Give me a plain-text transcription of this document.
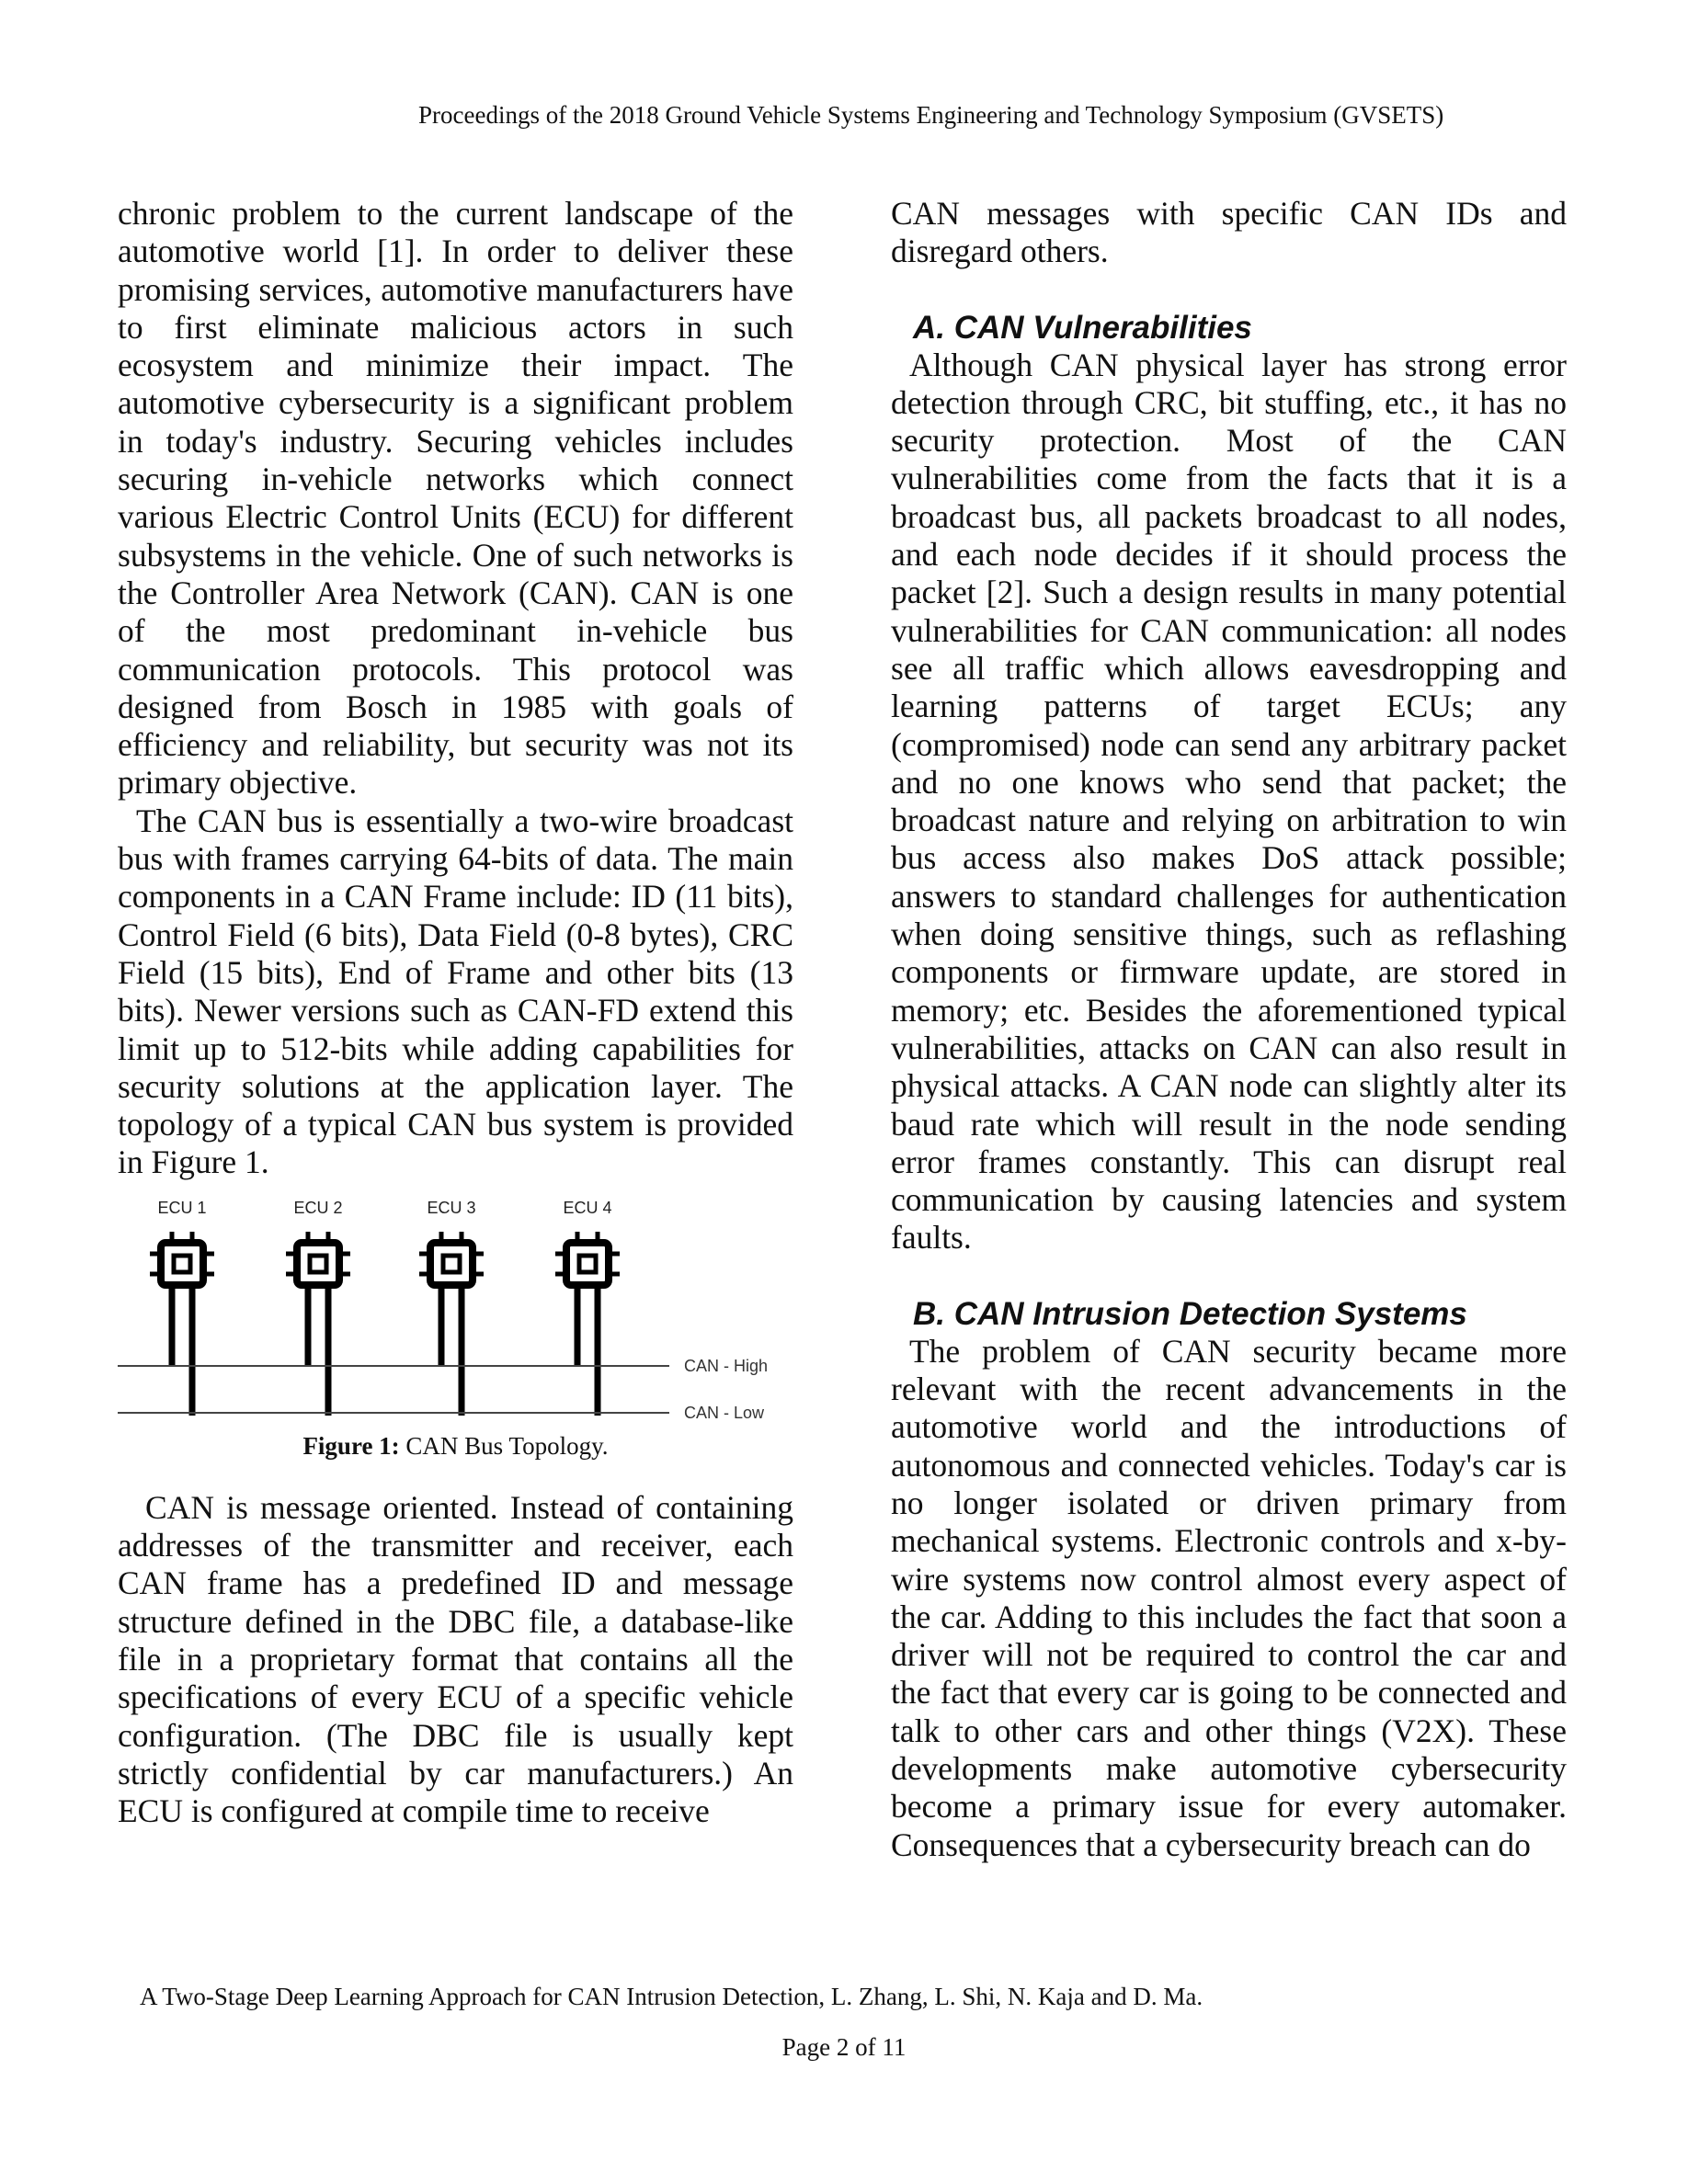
Proceedings of the 2018 Ground Vehicle Systems Engineering and Technology Symposium (GVSETS)

chronic problem to the current landscape of the automotive world [1]. In order to deliver these promising services, automotive manufacturers have to first eliminate malicious actors in such ecosystem and minimize their impact. The automotive cybersecurity is a significant problem in today's industry. Securing vehicles includes securing in-vehicle networks which connect various Electric Control Units (ECU) for different subsystems in the vehicle. One of such networks is the Controller Area Network (CAN). CAN is one of the most predominant in-vehicle bus communication protocols. This protocol was designed from Bosch in 1985 with goals of efficiency and reliability, but security was not its primary objective.

The CAN bus is essentially a two-wire broadcast bus with frames carrying 64-bits of data. The main components in a CAN Frame include: ID (11 bits), Control Field (6 bits), Data Field (0-8 bytes), CRC Field (15 bits), End of Frame and other bits (13 bits). Newer versions such as CAN-FD extend this limit up to 512-bits while adding capabilities for security solutions at the application layer. The topology of a typical CAN bus system is provided in Figure 1.

ECU 1	ECU 2	ECU 3	ECU 4
CAN - High
CAN - Low
Figure 1: CAN Bus Topology.

CAN is message oriented. Instead of containing addresses of the transmitter and receiver, each CAN frame has a predefined ID and message structure defined in the DBC file, a database-like file in a proprietary format that contains all the specifications of every ECU of a specific vehicle configuration. (The DBC file is usually kept strictly confidential by car manufacturers.) An ECU is configured at compile time to receive

CAN messages with specific CAN IDs and disregard others.

A. CAN Vulnerabilities

Although CAN physical layer has strong error detection through CRC, bit stuffing, etc., it has no security protection. Most of the CAN vulnerabilities come from the facts that it is a broadcast bus, all packets broadcast to all nodes, and each node decides if it should process the packet [2]. Such a design results in many potential vulnerabilities for CAN communication: all nodes see all traffic which allows eavesdropping and learning patterns of target ECUs; any (compromised) node can send any arbitrary packet and no one knows who send that packet; the broadcast nature and relying on arbitration to win bus access also makes DoS attack possible; answers to standard challenges for authentication when doing sensitive things, such as reflashing components or firmware update, are stored in memory; etc. Besides the aforementioned typical vulnerabilities, attacks on CAN can also result in physical attacks. A CAN node can slightly alter its baud rate which will result in the node sending error frames constantly. This can disrupt real communication by causing latencies and system faults.

B. CAN Intrusion Detection Systems

The problem of CAN security became more relevant with the recent advancements in the automotive world and the introductions of autonomous and connected vehicles. Today's car is no longer isolated or driven primary from mechanical systems. Electronic controls and x-by-wire systems now control almost every aspect of the car. Adding to this includes the fact that soon a driver will not be required to control the car and the fact that every car is going to be connected and talk to other cars and other things (V2X). These developments make automotive cybersecurity become a primary issue for every automaker. Consequences that a cybersecurity breach can do

A Two-Stage Deep Learning Approach for CAN Intrusion Detection, L. Zhang, L. Shi, N. Kaja and D. Ma.
Page 2 of 11
